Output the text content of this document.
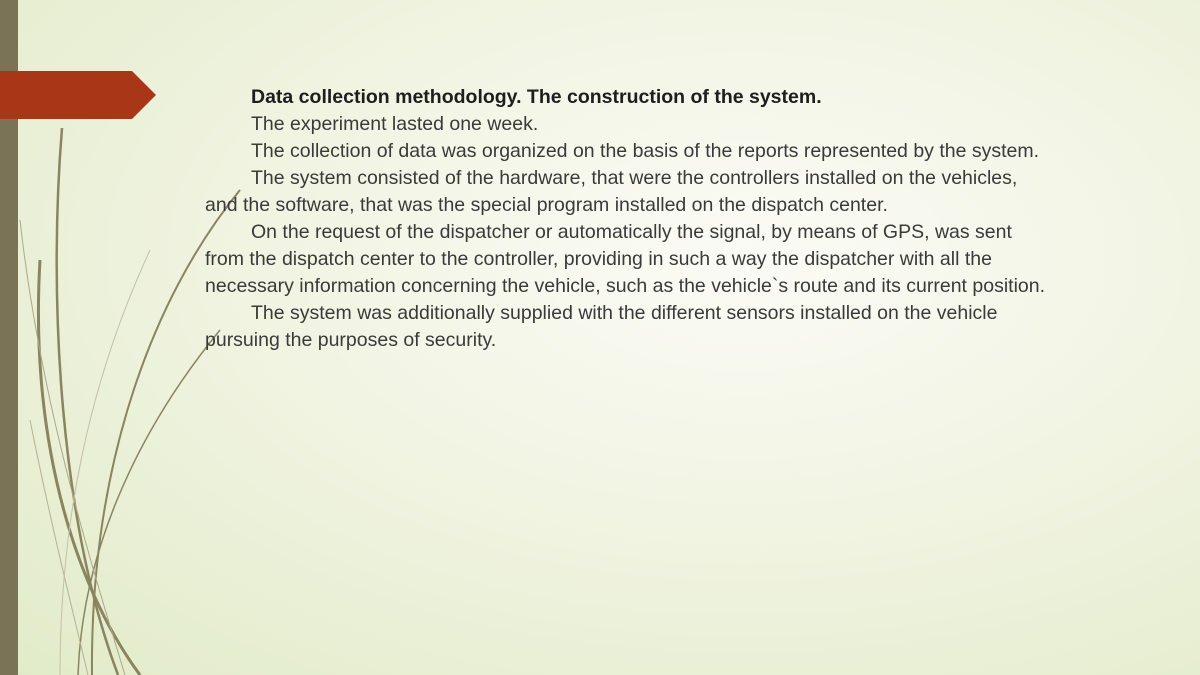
Data collection methodology. The construction of the system.

The experiment lasted one week.

The collection of data was organized on the basis of the reports represented by the system.

The system consisted of the hardware, that were the controllers installed on the vehicles, and the software, that was the special program installed on the dispatch center.

On the request of the dispatcher or automatically the signal, by means of GPS, was sent from the dispatch center to the controller, providing in such a way the dispatcher with all the necessary information concerning the vehicle, such as the vehicle`s route and its current position.

The system was additionally supplied with the different sensors installed on the vehicle pursuing the purposes of security.
